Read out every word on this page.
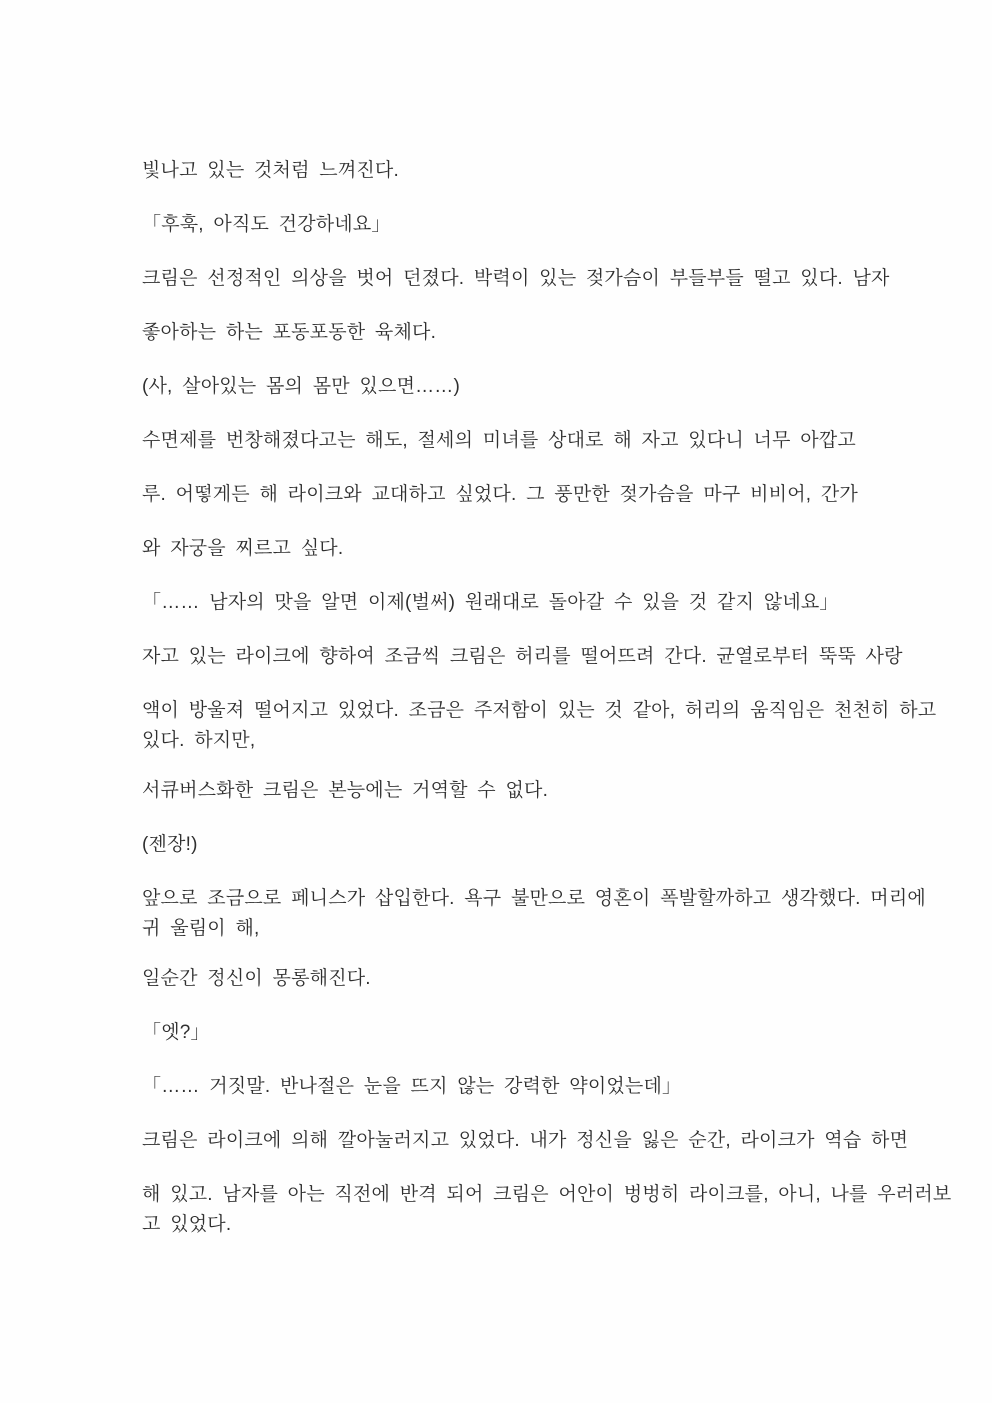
빛나고 있는 것처럼 느껴진다.

「후훅, 아직도 건강하네요」

크림은 선정적인 의상을 벗어 던졌다. 박력이 있는 젖가슴이 부들부들 떨고 있다. 남자

좋아하는 하는 포동포동한 육체다.

(사, 살아있는 몸의 몸만 있으면……)

수면제를 번창해졌다고는 해도, 절세의 미녀를 상대로 해 자고 있다니 너무 아깝고

루. 어떻게든 해 라이크와 교대하고 싶었다. 그 풍만한 젖가슴을 마구 비비어, 간가

와 자궁을 찌르고 싶다.

「…… 남자의 맛을 알면 이제(벌써) 원래대로 돌아갈 수 있을 것 같지 않네요」

자고 있는 라이크에 향하여 조금씩 크림은 허리를 떨어뜨려 간다. 균열로부터 뚝뚝 사랑

액이 방울져 떨어지고 있었다. 조금은 주저함이 있는 것 같아, 허리의 움직임은 천천히 하고

있다. 하지만,

서큐버스화한 크림은 본능에는 거역할 수 없다.

(젠장!)

앞으로 조금으로 페니스가 삽입한다. 욕구 불만으로 영혼이 폭발할까하고 생각했다. 머리에

귀 울림이 해,

일순간 정신이 몽롱해진다.

「엣?」

「…… 거짓말. 반나절은 눈을 뜨지 않는 강력한 약이었는데」

크림은 라이크에 의해 깔아눌러지고 있었다. 내가 정신을 잃은 순간, 라이크가 역습 하면

해 있고. 남자를 아는 직전에 반격 되어 크림은 어안이 벙벙히 라이크를, 아니, 나를 우러러보

고 있었다.
